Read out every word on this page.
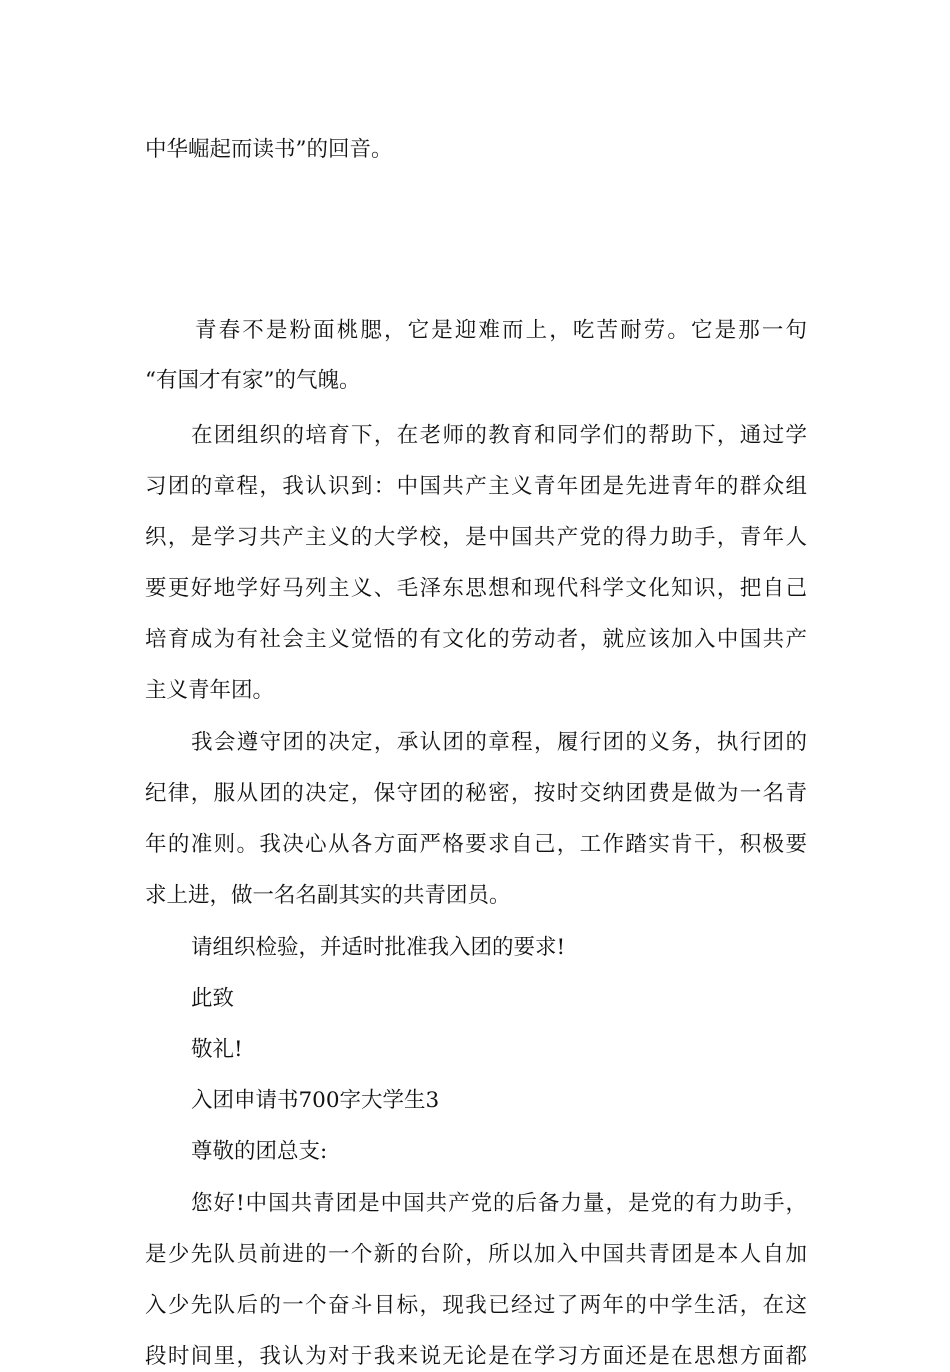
中华崛起而读书”的回音。
青春不是粉面桃腮，它是迎难而上，吃苦耐劳。它是那一句
“有国才有家”的气魄。
在团组织的培育下，在老师的教育和同学们的帮助下，通过学
习团的章程，我认识到：中国共产主义青年团是先进青年的群众组
织，是学习共产主义的大学校，是中国共产党的得力助手，青年人
要更好地学好马列主义、毛泽东思想和现代科学文化知识，把自己
培育成为有社会主义觉悟的有文化的劳动者，就应该加入中国共产
主义青年团。
我会遵守团的决定，承认团的章程，履行团的义务，执行团的
纪律，服从团的决定，保守团的秘密，按时交纳团费是做为一名青
年的准则。我决心从各方面严格要求自己，工作踏实肯干，积极要
求上进，做一名名副其实的共青团员。
请组织检验，并适时批准我入团的要求!
此致
敬礼!
入团申请书700字大学生3
尊敬的团总支:
您好!中国共青团是中国共产党的后备力量，是党的有力助手，
是少先队员前进的一个新的台阶，所以加入中国共青团是本人自加
入少先队后的一个奋斗目标，现我已经过了两年的中学生活，在这
段时间里，我认为对于我来说无论是在学习方面还是在思想方面都
